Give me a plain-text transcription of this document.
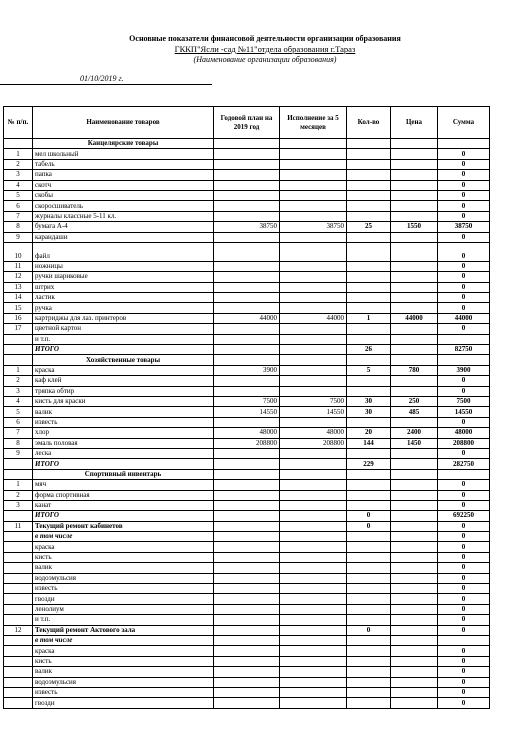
Основные показатели финансовой деятельности организации образования
ГККП"Ясли -сад №11"отдела образования г.Тараз
(Наименование организации образования)
01/10/2019 г.
№ п/п.	Наименование товаров	Годовой план на 2019 год	Исполнение за 5 месяцев	Кол-во	Цена	Сумма
	Канцелярские товары					
1	мел школьный					0
2	табель					0
3	папка					0
4	скотч					0
5	скобы					0
6	скоросшиватель					0
7	журналы классные 5-11 кл.					0
8	бумага А-4	38750	38750	25	1550	38750
9	карандаши					0
10	файл					0
11	ножницы					0
12	ручки шариковые					0
13	штрих					0
14	ластик					0
15	ручка					0
16	картриджы для лаз. принтеров	44000	44000	1	44000	44000
17	цветной картон					0
	и т.п.					
	ИТОГО			26		82750
	Хозяйственные товары					
1	краска	3900		5	780	3900
2	каф клей					0
3	тряпка обтир					0
4	кисть для краски	7500	7500	30	250	7500
5	валик	14550	14550	30	485	14550
6	известь					0
7	хлор	48000	48000	20	2400	48000
8	эмаль половая	208800	208800	144	1450	208800
9	леска					0
	ИТОГО			229		282750
	Спортивный инвентарь					
1	мяч					0
2	форма спортивная					0
3	канат					0
	ИТОГО			0		692250
11	Текущий ремонт кабинетов			0		0
	в том числе					0
	краска					0
	кисть					0
	валик					0
	водоэмульсия					0
	известь					0
	гвозди					0
	ленолиум					0
	и т.п.					0
12	Текущий ремонт Актового зала			0		0
	в том числе					
	краска					0
	кисть					0
	валик					0
	водоэмульсия					0
	известь					0
	гвозди					0
